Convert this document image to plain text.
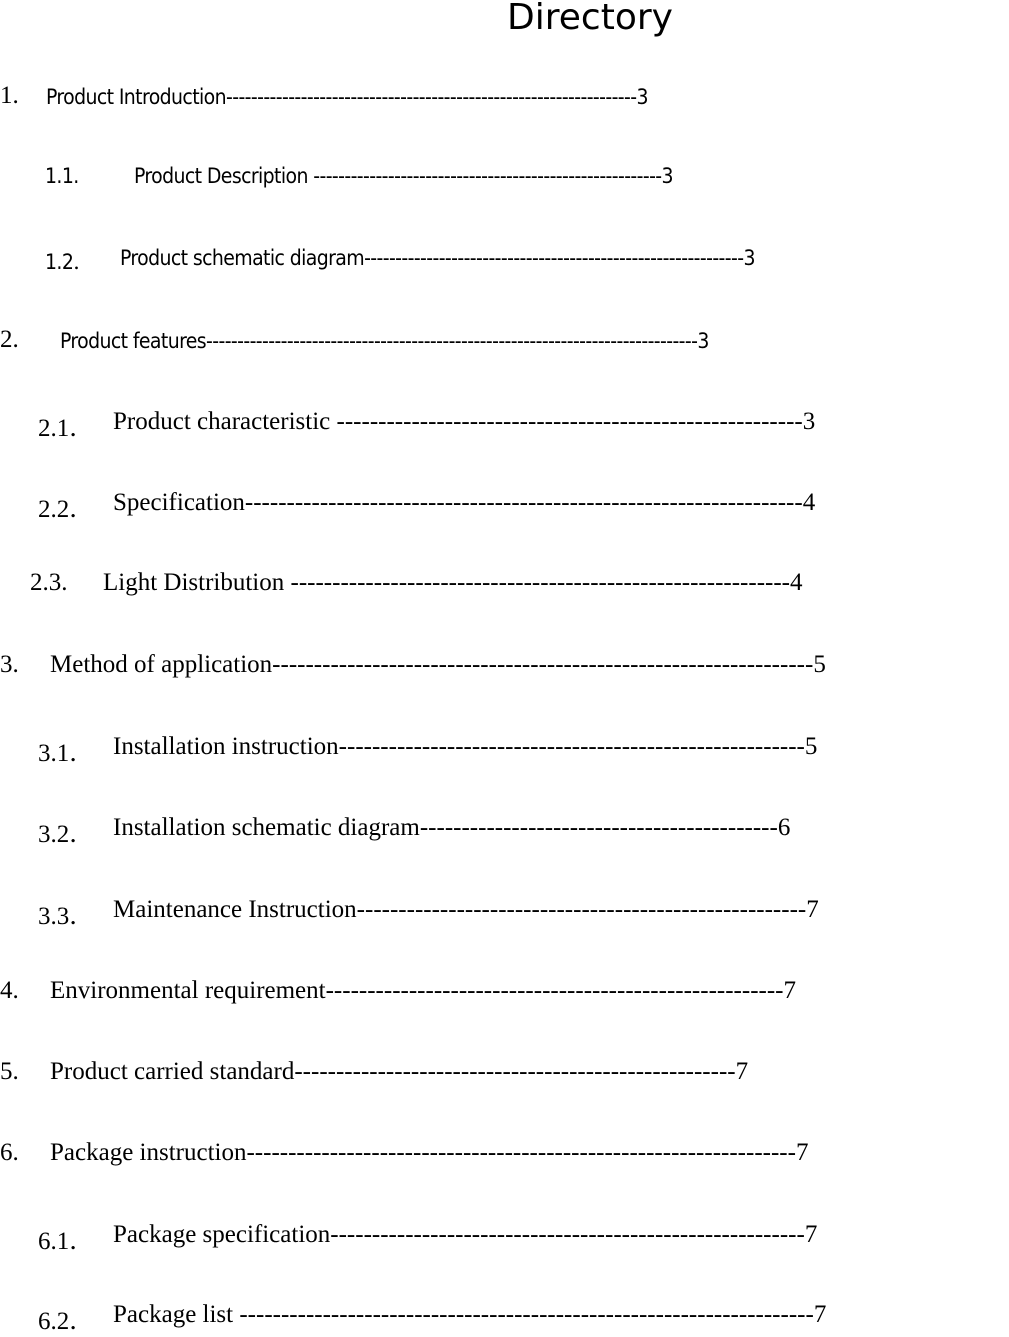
Directory
1. Product Introduction------------------------------------------------------------------3
1.1.	Product Description --------------------------------------------------------3
1.2． Product schematic diagram-------------------------------------------------------------3
2. Product features-------------------------------------------------------------------------------3
2.1． Product characteristic --------------------------------------------------------3
2.2． Specification-------------------------------------------------------------------4
2.3. Light Distribution ------------------------------------------------------------4
3. Method of application-----------------------------------------------------------------5
3.1． Installation instruction--------------------------------------------------------5
3.2． Installation schematic diagram-------------------------------------------6
3.3． Maintenance Instruction------------------------------------------------------7
4. Environmental requirement-------------------------------------------------------7
5. Product carried standard-----------------------------------------------------7
6. Package instruction------------------------------------------------------------------7
6.1． Package specification---------------------------------------------------------7
6.2． Package list ---------------------------------------------------------------------7
